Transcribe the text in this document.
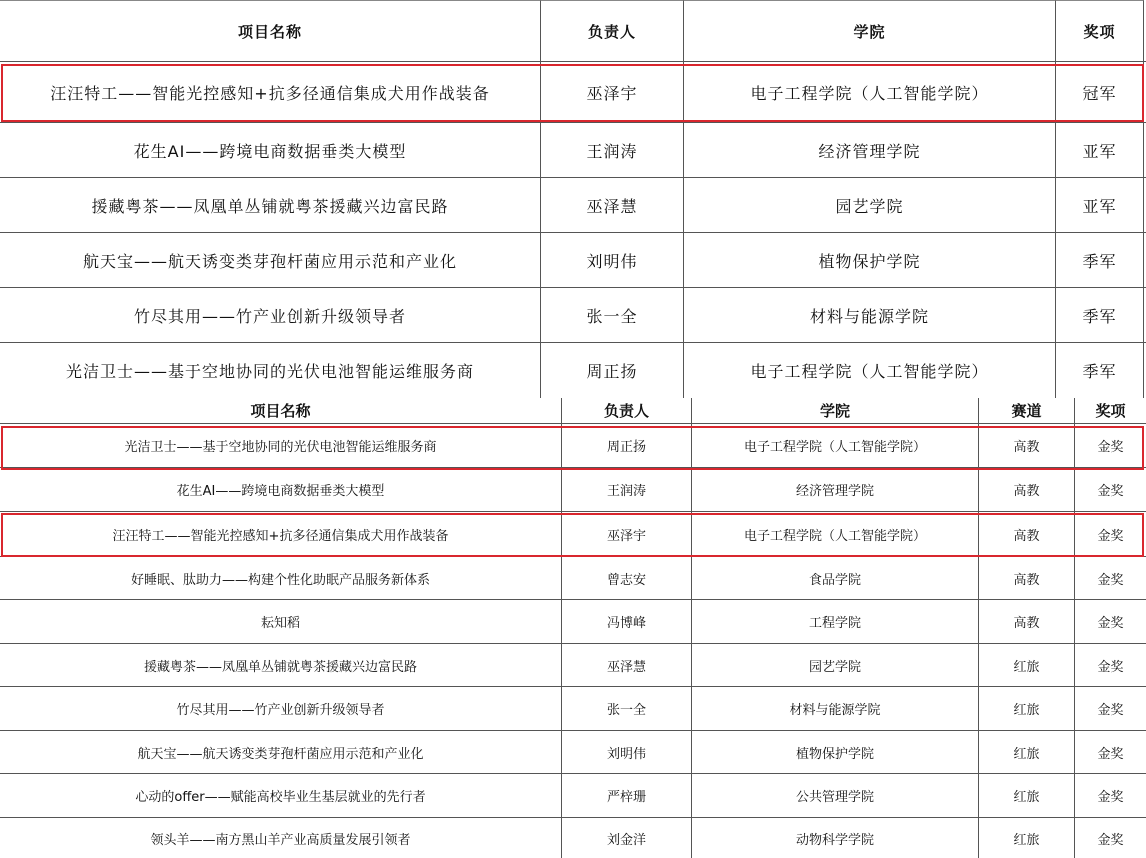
项目名称	负责人	学院	奖项
汪汪特工——智能光控感知+抗多径通信集成犬用作战装备	巫泽宇	电子工程学院（人工智能学院）	冠军
花生AI——跨境电商数据垂类大模型	王润涛	经济管理学院	亚军
援藏粤茶——凤凰单丛铺就粤茶援藏兴边富民路	巫泽慧	园艺学院	亚军
航天宝——航天诱变类芽孢杆菌应用示范和产业化	刘明伟	植物保护学院	季军
竹尽其用——竹产业创新升级领导者	张一全	材料与能源学院	季军
光洁卫士——基于空地协同的光伏电池智能运维服务商	周正扬	电子工程学院（人工智能学院）	季军
项目名称	负责人	学院	赛道	奖项
光洁卫士——基于空地协同的光伏电池智能运维服务商	周正扬	电子工程学院（人工智能学院）	高教	金奖
花生AI——跨境电商数据垂类大模型	王润涛	经济管理学院	高教	金奖
汪汪特工——智能光控感知+抗多径通信集成犬用作战装备	巫泽宇	电子工程学院（人工智能学院）	高教	金奖
好睡眠、肽助力——构建个性化助眠产品服务新体系	曾志安	食品学院	高教	金奖
耘知稻	冯博峰	工程学院	高教	金奖
援藏粤茶——凤凰单丛铺就粤茶援藏兴边富民路	巫泽慧	园艺学院	红旅	金奖
竹尽其用——竹产业创新升级领导者	张一全	材料与能源学院	红旅	金奖
航天宝——航天诱变类芽孢杆菌应用示范和产业化	刘明伟	植物保护学院	红旅	金奖
心动的offer——赋能高校毕业生基层就业的先行者	严梓珊	公共管理学院	红旅	金奖
领头羊——南方黑山羊产业高质量发展引领者	刘金洋	动物科学学院	红旅	金奖
